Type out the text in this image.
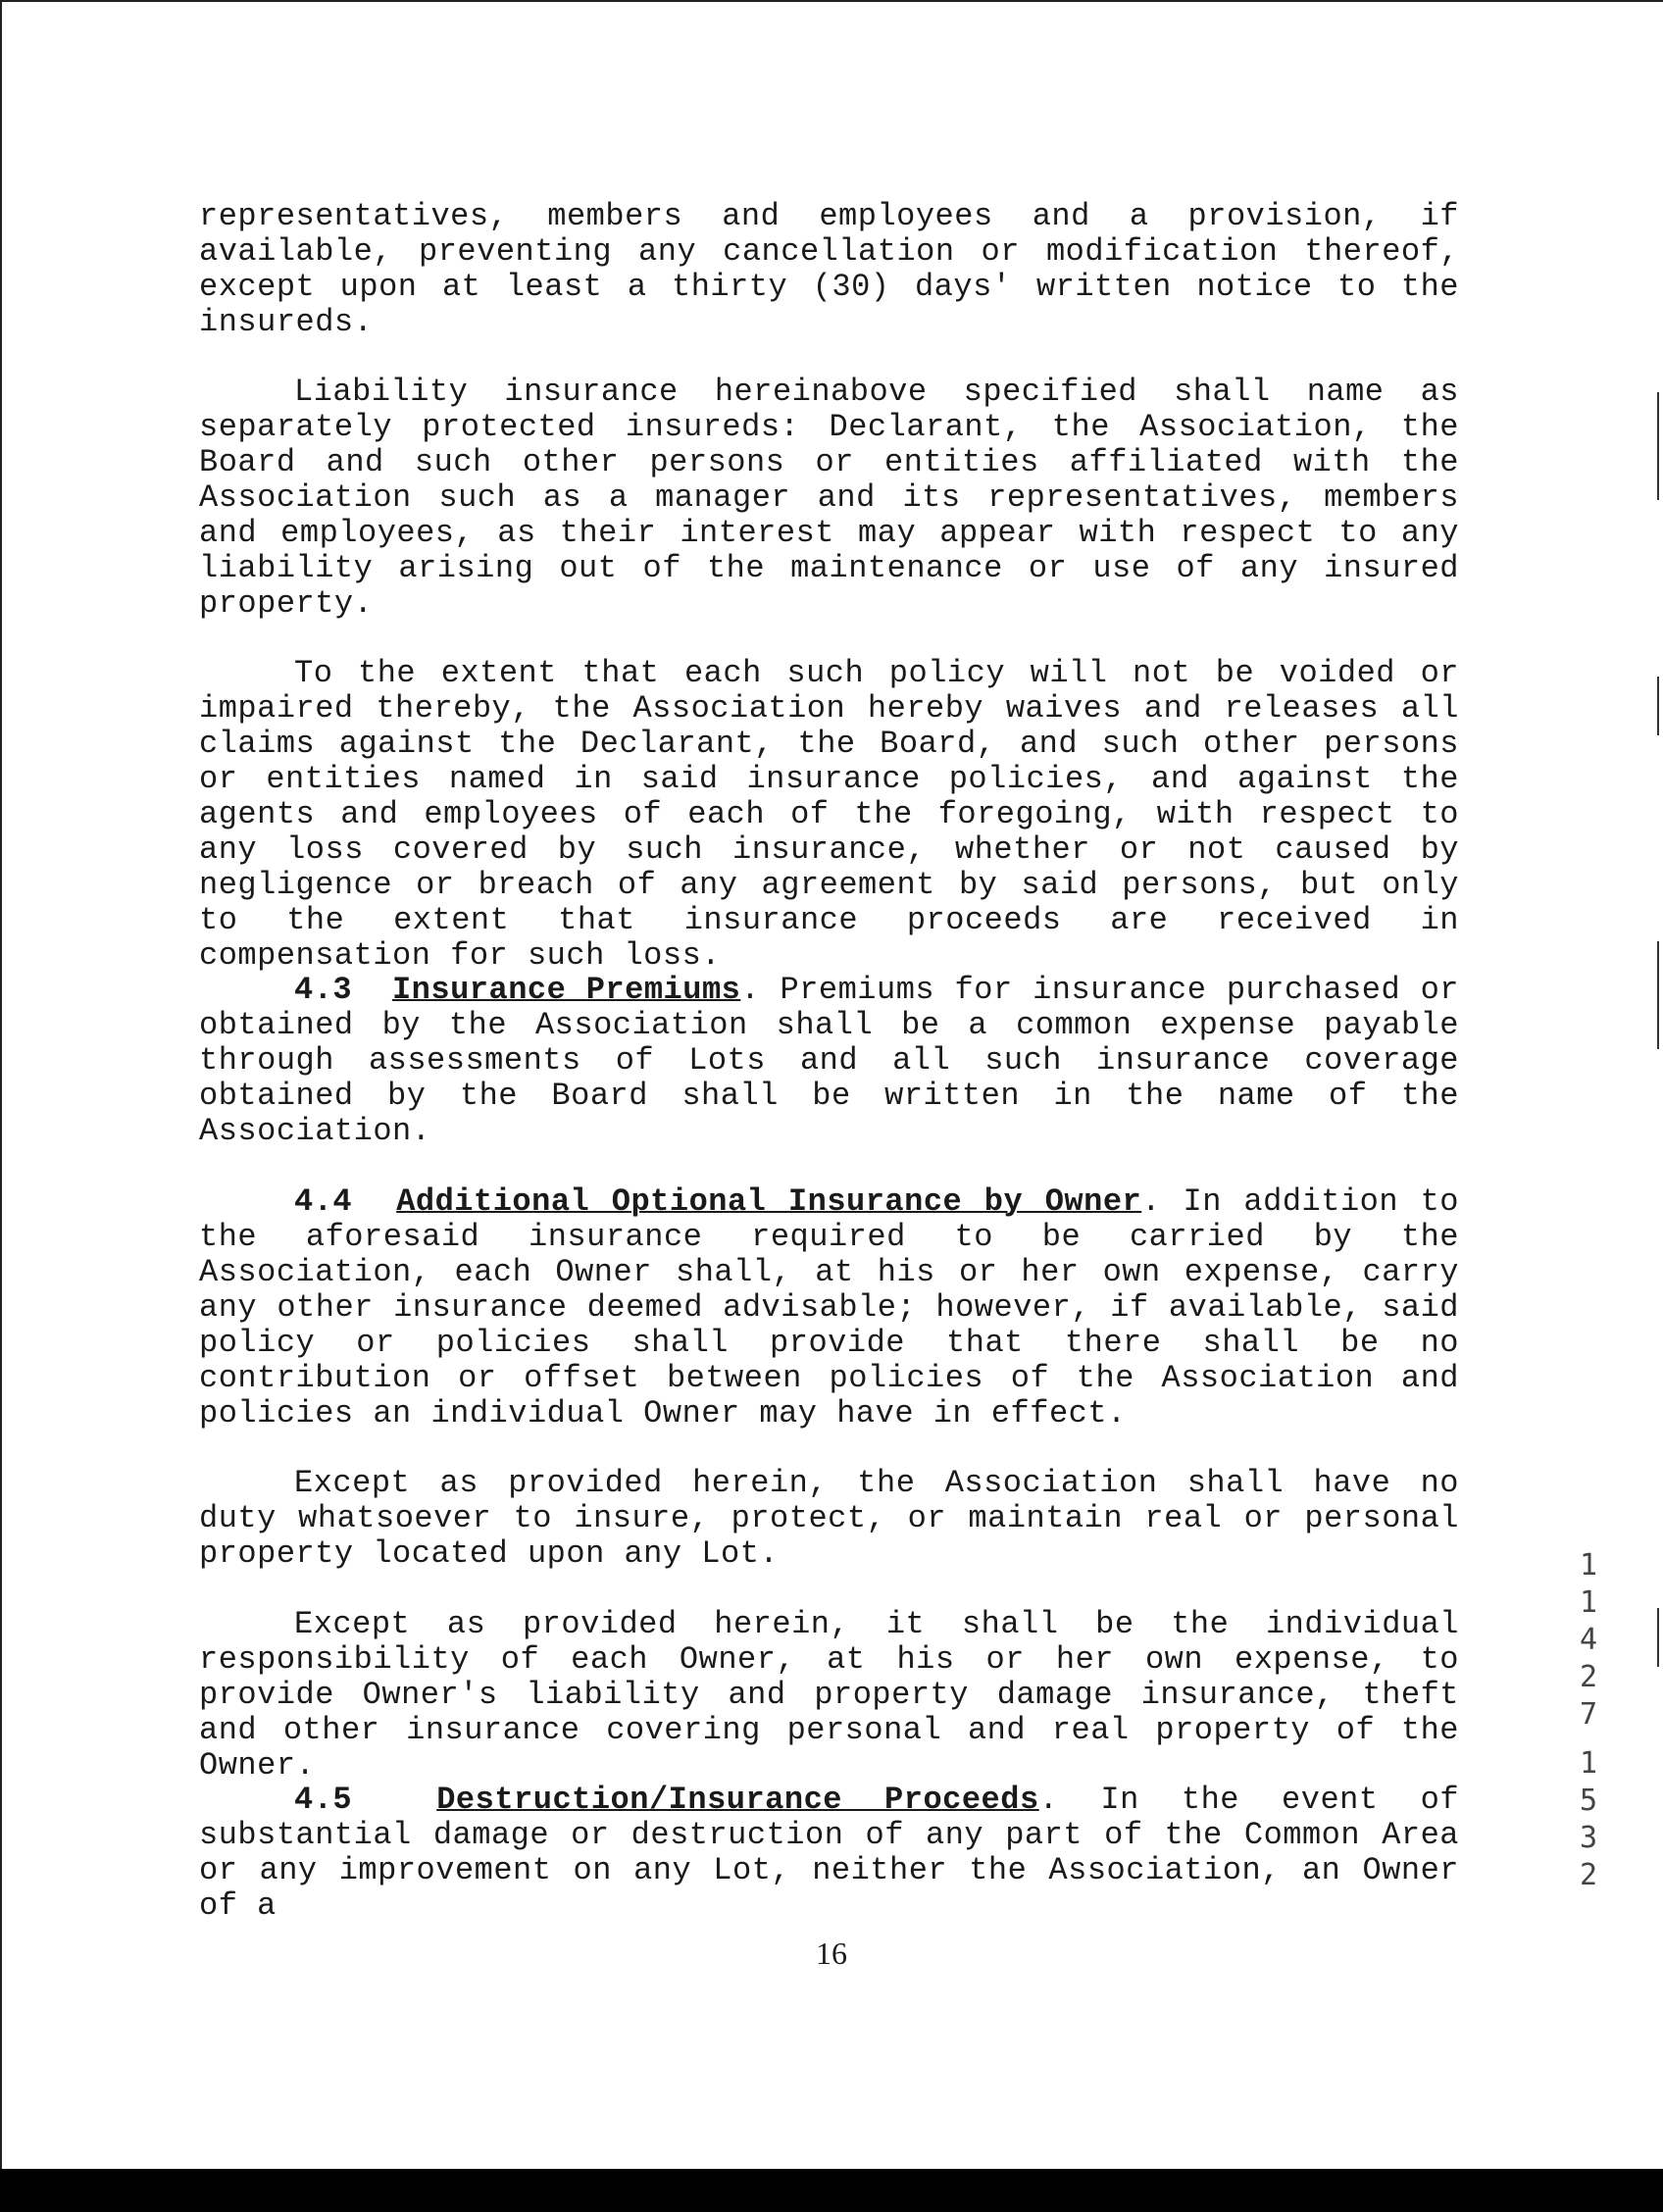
representatives, members and employees and a provision, if available, preventing any cancellation or modification thereof, except upon at least a thirty (30) days' written notice to the insureds.

Liability insurance hereinabove specified shall name as separately protected insureds: Declarant, the Association, the Board and such other persons or entities affiliated with the Association such as a manager and its representatives, members and employees, as their interest may appear with respect to any liability arising out of the maintenance or use of any insured property.

To the extent that each such policy will not be voided or impaired thereby, the Association hereby waives and releases all claims against the Declarant, the Board, and such other persons or entities named in said insurance policies, and against the agents and employees of each of the foregoing, with respect to any loss covered by such insurance, whether or not caused by negligence or breach of any agreement by said persons, but only to the extent that insurance proceeds are received in compensation for such loss.

4.3 Insurance Premiums. Premiums for insurance purchased or obtained by the Association shall be a common expense payable through assessments of Lots and all such insurance coverage obtained by the Board shall be written in the name of the Association.

4.4 Additional Optional Insurance by Owner. In addition to the aforesaid insurance required to be carried by the Association, each Owner shall, at his or her own expense, carry any other insurance deemed advisable; however, if available, said policy or policies shall provide that there shall be no contribution or offset between policies of the Association and policies an individual Owner may have in effect.

Except as provided herein, the Association shall have no duty whatsoever to insure, protect, or maintain real or personal property located upon any Lot.

Except as provided herein, it shall be the individual responsibility of each Owner, at his or her own expense, to provide Owner's liability and property damage insurance, theft and other insurance covering personal and real property of the Owner.

4.5	Destruction/Insurance Proceeds. In the event of substantial damage or destruction of any part of the Common Area or any improvement on any Lot, neither the Association, an Owner of a

16
1
1
4
2
7
1
5
3
2
